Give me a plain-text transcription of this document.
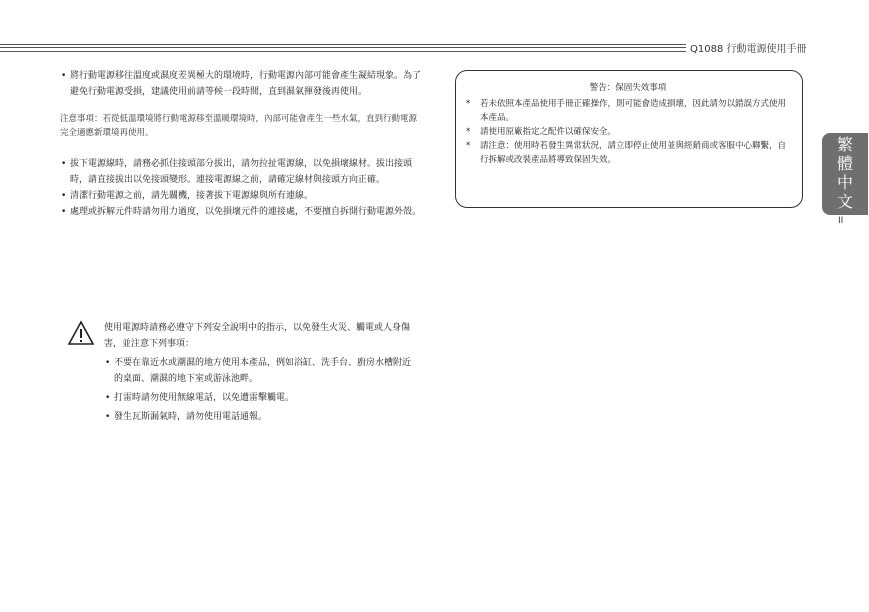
Q1088 行動電源使用手冊

• 將行動電源移往溫度或濕度差異極大的環境時，行動電源內部可能會產生凝結現象。為了避免行動電源受損，建議使用前請等候一段時間，直到濕氣揮發後再使用。

注意事項：若從低溫環境將行動電源移至溫暖環境時，內部可能會產生一些水氣，直到行動電源完全適應新環境再使用。

• 拔下電源線時，請務必抓住接頭部分拔出，請勿拉扯電源線，以免損壞線材。拔出接頭時，請直接拔出以免接頭變形。連接電源線之前，請確定線材與接頭方向正確。

• 清潔行動電源之前，請先關機，接著拔下電源線與所有連線。

• 處理或拆解元件時請勿用力過度，以免損壞元件的連接處，不要擅自拆開行動電源外殼。

使用電源時請務必遵守下列安全說明中的指示，以免發生火災、觸電或人身傷害，並注意下列事項：

• 不要在靠近水或潮濕的地方使用本產品，例如浴缸、洗手台、廚房水槽附近的桌面、潮濕的地下室或游泳池畔。

• 打雷時請勿使用無線電話，以免遭雷擊觸電。

• 發生瓦斯漏氣時，請勿使用電話通報。

警告：保固失效事項

* 若未依照本產品使用手冊正確操作，則可能會造成損壞，因此請勿以錯誤方式使用本產品。

* 請使用原廠指定之配件以確保安全。

* 請注意：使用時若發生異常狀況，請立即停止使用並與經銷商或客服中心聯繫，自行拆解或改裝產品將導致保固失效。

繁
體
中
文
II
